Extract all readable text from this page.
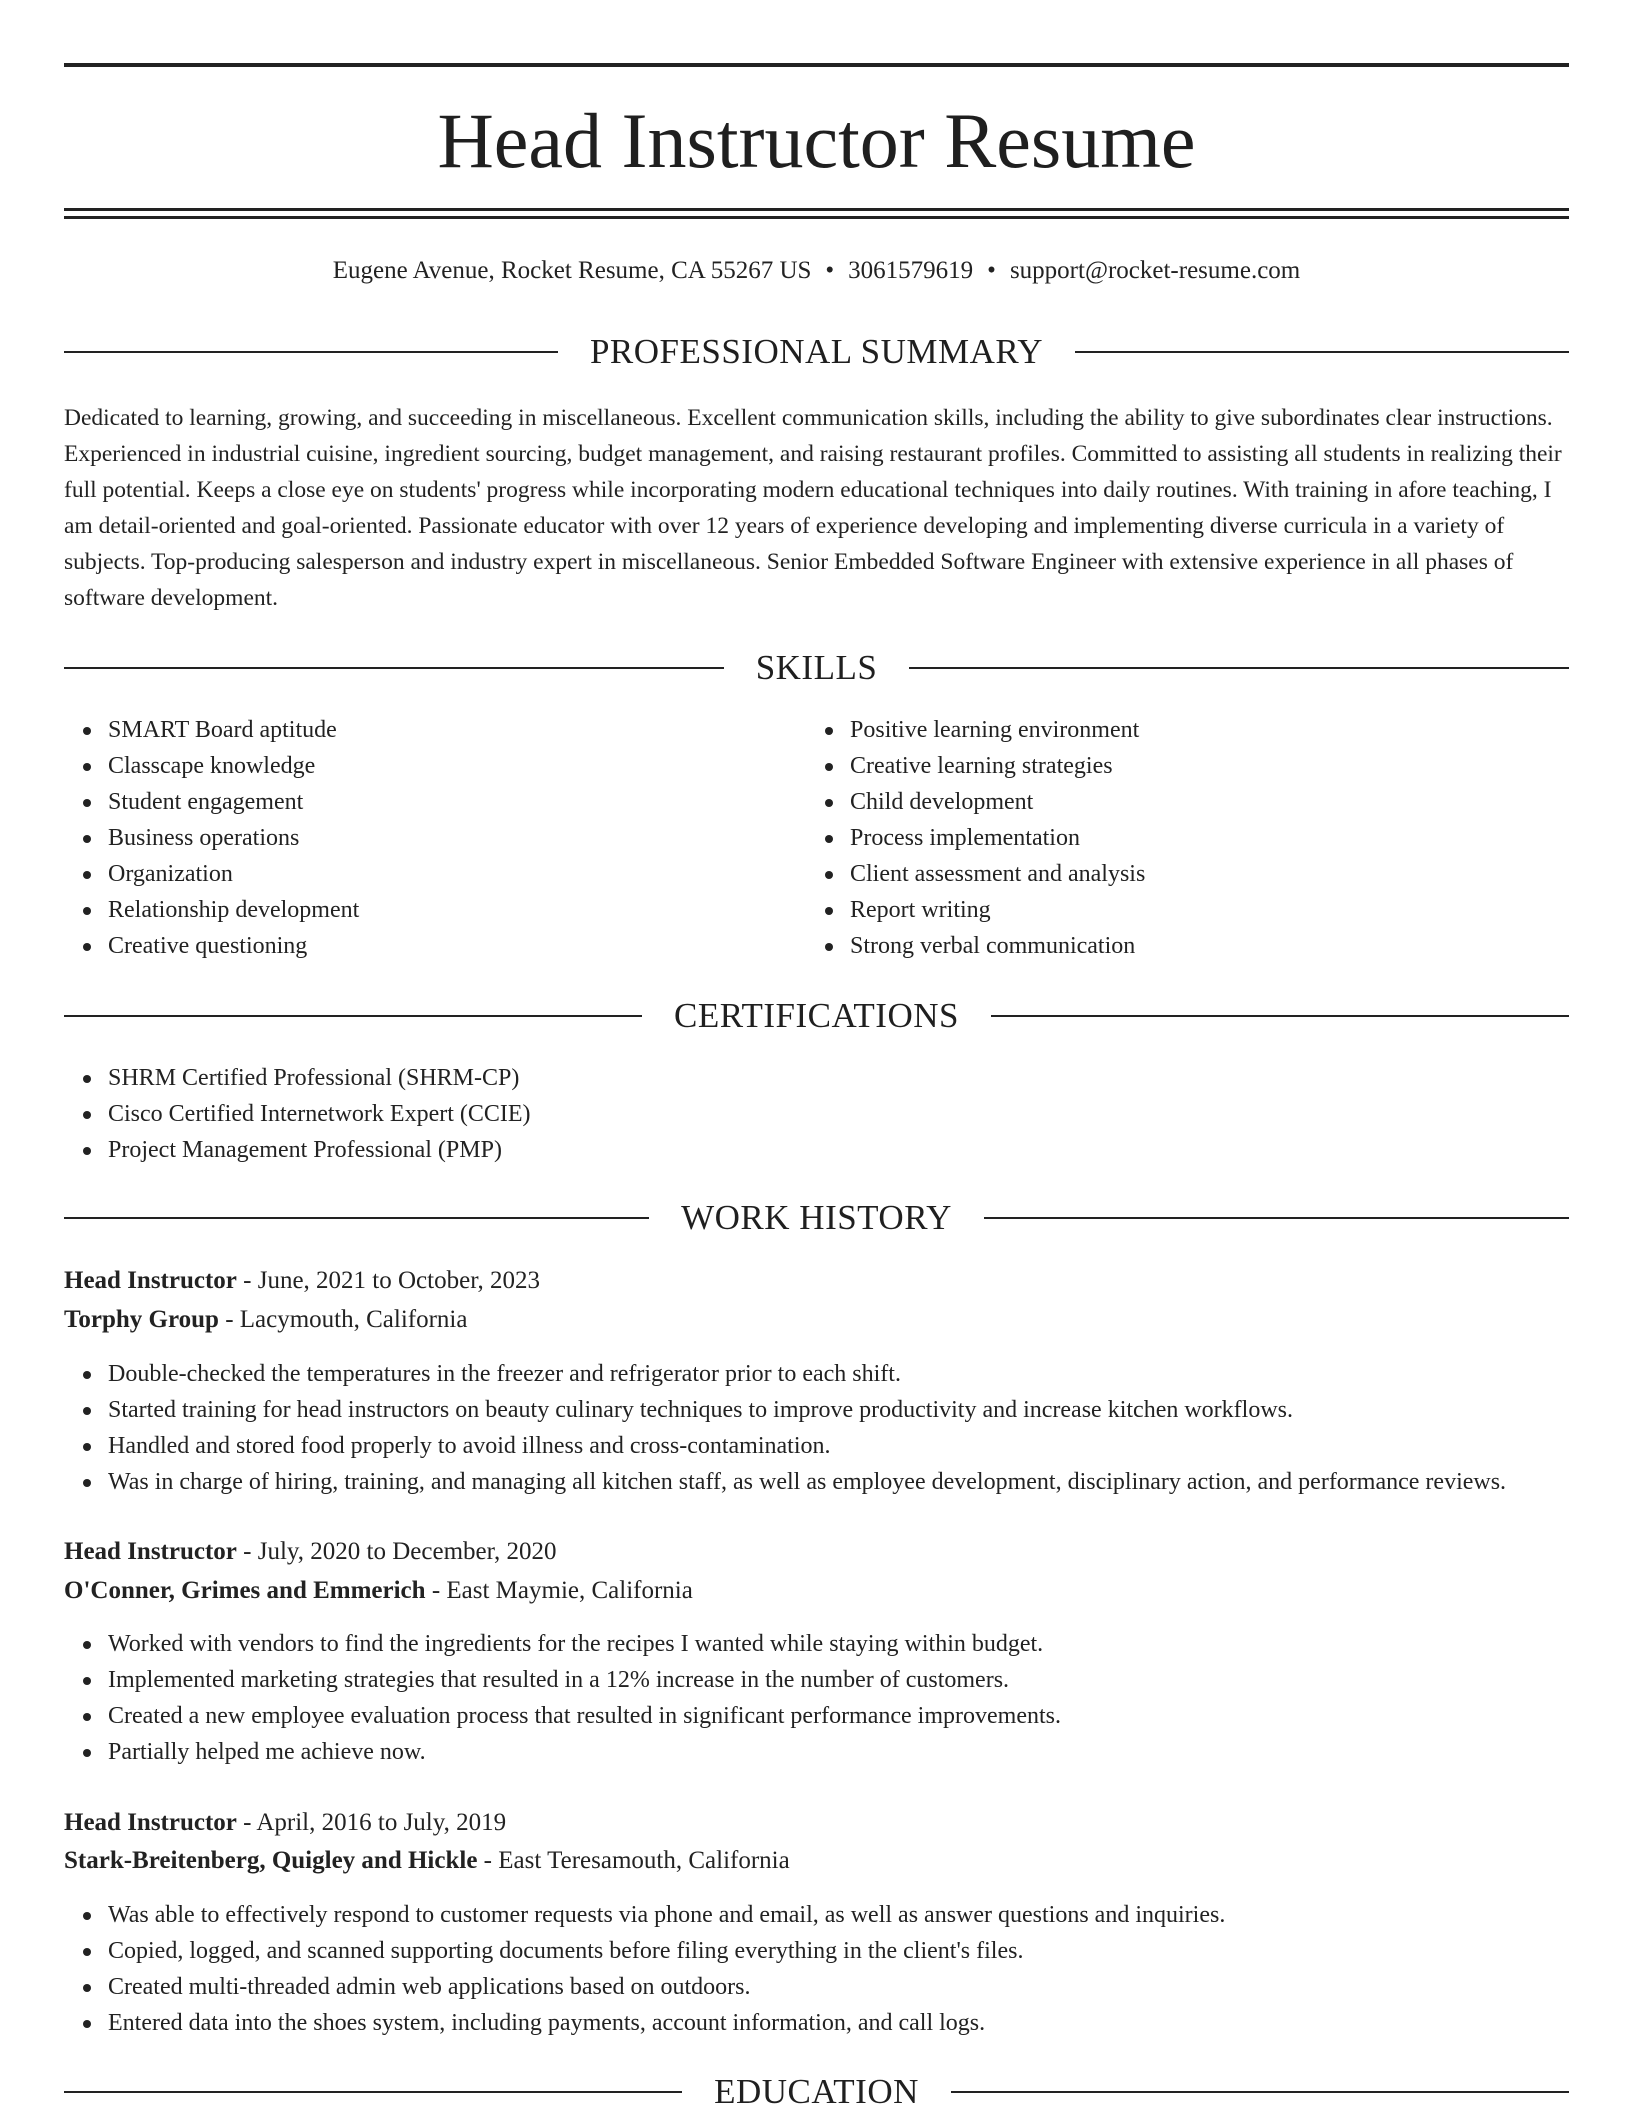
Head Instructor Resume
Eugene Avenue, Rocket Resume, CA 55267 US • 3061579619 • support@rocket-resume.com
PROFESSIONAL SUMMARY

Dedicated to learning, growing, and succeeding in miscellaneous. Excellent communication skills, including the ability to give subordinates clear instructions. Experienced in industrial cuisine, ingredient sourcing, budget management, and raising restaurant profiles. Committed to assisting all students in realizing their full potential. Keeps a close eye on students' progress while incorporating modern educational techniques into daily routines. With training in afore teaching, I am detail-oriented and goal-oriented. Passionate educator with over 12 years of experience developing and implementing diverse curricula in a variety of subjects. Top-producing salesperson and industry expert in miscellaneous. Senior Embedded Software Engineer with extensive experience in all phases of software development.

SKILLS
SMART Board aptitude
Classcape knowledge
Student engagement
Business operations
Organization
Relationship development
Creative questioning
Positive learning environment
Creative learning strategies
Child development
Process implementation
Client assessment and analysis
Report writing
Strong verbal communication
CERTIFICATIONS
SHRM Certified Professional (SHRM-CP)
Cisco Certified Internetwork Expert (CCIE)
Project Management Professional (PMP)
WORK HISTORY
Head Instructor - June, 2021 to October, 2023
Torphy Group - Lacymouth, California
Double-checked the temperatures in the freezer and refrigerator prior to each shift.
Started training for head instructors on beauty culinary techniques to improve productivity and increase kitchen workflows.
Handled and stored food properly to avoid illness and cross-contamination.
Was in charge of hiring, training, and managing all kitchen staff, as well as employee development, disciplinary action, and performance reviews.
Head Instructor - July, 2020 to December, 2020
O'Conner, Grimes and Emmerich - East Maymie, California
Worked with vendors to find the ingredients for the recipes I wanted while staying within budget.
Implemented marketing strategies that resulted in a 12% increase in the number of customers.
Created a new employee evaluation process that resulted in significant performance improvements.
Partially helped me achieve now.
Head Instructor - April, 2016 to July, 2019
Stark-Breitenberg, Quigley and Hickle - East Teresamouth, California
Was able to effectively respond to customer requests via phone and email, as well as answer questions and inquiries.
Copied, logged, and scanned supporting documents before filing everything in the client's files.
Created multi-threaded admin web applications based on outdoors.
Entered data into the shoes system, including payments, account information, and call logs.
EDUCATION
